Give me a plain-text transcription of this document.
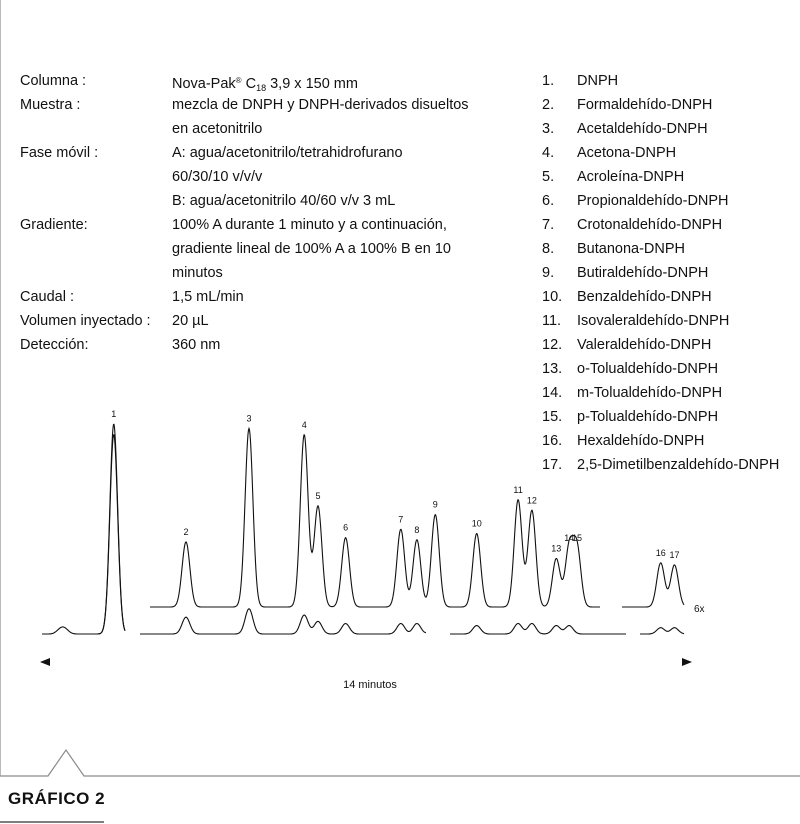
Columna :	Nova-Pak® $C_{18}$ 3,9 x 150 mm
Muestra :	mezcla de DNPH y DNPH-derivados disueltos
en acetonitrilo
Fase móvil :	A: agua/acetonitrilo/tetrahidrofurano
60/30/10 v/v/v
B: agua/acetonitrilo 40/60 v/v 3 mL
Gradiente:	100% A durante 1 minuto y a continuación,
gradiente lineal de 100% A a 100% B en 10
minutos
Caudal :	1,5 mL/min
Volumen inyectado : 20 µL
Detección:	360 nm
1. DNPH
2. Formaldehído-DNPH
3. Acetaldehído-DNPH
4. Acetona-DNPH
5. Acroleína-DNPH
6. Propionaldehído-DNPH
7. Crotonaldehído-DNPH
8. Butanona-DNPH
9. Butiraldehído-DNPH
10. Benzaldehído-DNPH
11. Isovaleraldehído-DNPH
12. Valeraldehído-DNPH
13. o-Tolualdehído-DNPH
14. m-Tolualdehído-DNPH
15. p-Tolualdehído-DNPH
16. Hexaldehído-DNPH
17. 2,5-Dimetilbenzaldehído-DNPH
1
2
3
4
5
6
7
8
9
10
11
12
13
14
15
16 17
14 minutos
6x
GRÁFICO 2
